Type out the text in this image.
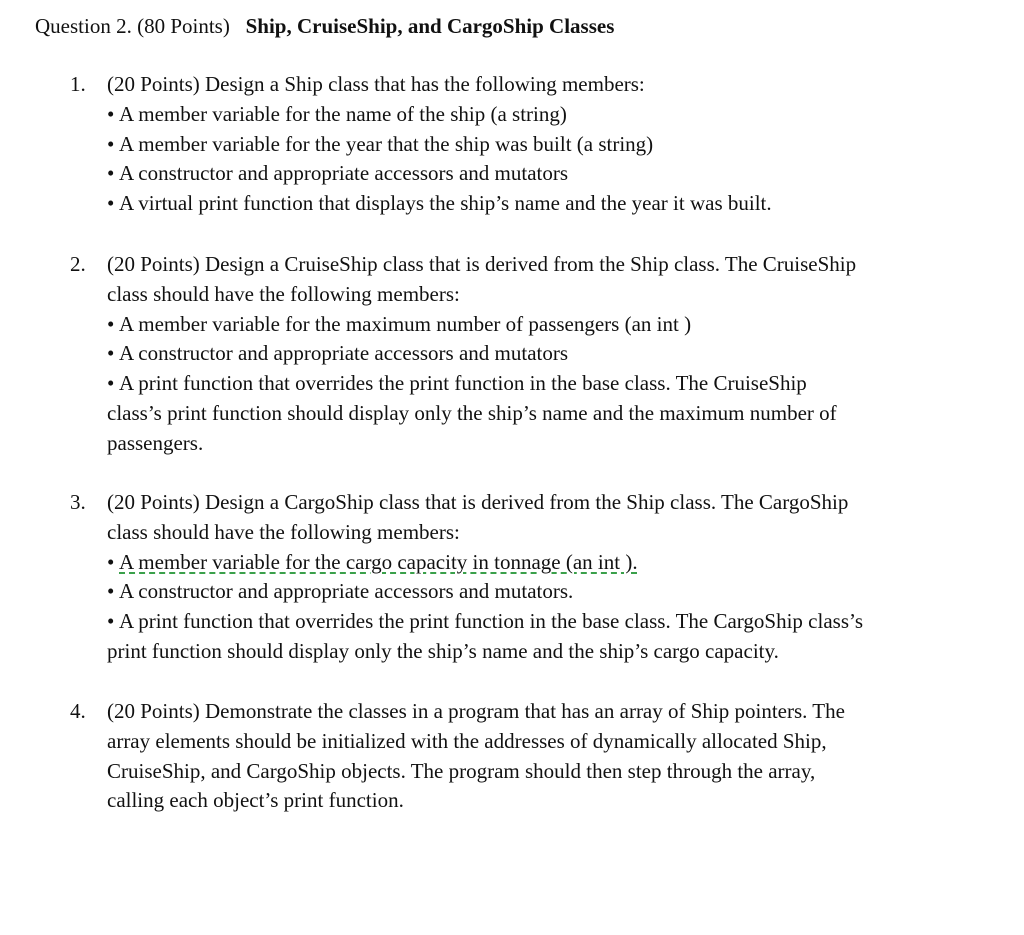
Question 2. (80 Points) Ship, CruiseShip, and CargoShip Classes
1. (20 Points) Design a Ship class that has the following members:
• A member variable for the name of the ship (a string)
• A member variable for the year that the ship was built (a string)
• A constructor and appropriate accessors and mutators
• A virtual print function that displays the ship’s name and the year it was built.
2. (20 Points) Design a CruiseShip class that is derived from the Ship class. The CruiseShip
class should have the following members:
• A member variable for the maximum number of passengers (an int )
• A constructor and appropriate accessors and mutators
• A print function that overrides the print function in the base class. The CruiseShip
class’s print function should display only the ship’s name and the maximum number of
passengers.
3. (20 Points) Design a CargoShip class that is derived from the Ship class. The CargoShip
class should have the following members:
• A member variable for the cargo capacity in tonnage (an int ).
• A constructor and appropriate accessors and mutators.
• A print function that overrides the print function in the base class. The CargoShip class’s
print function should display only the ship’s name and the ship’s cargo capacity.
4. (20 Points) Demonstrate the classes in a program that has an array of Ship pointers. The
array elements should be initialized with the addresses of dynamically allocated Ship,
CruiseShip, and CargoShip objects. The program should then step through the array,
calling each object’s print function.
